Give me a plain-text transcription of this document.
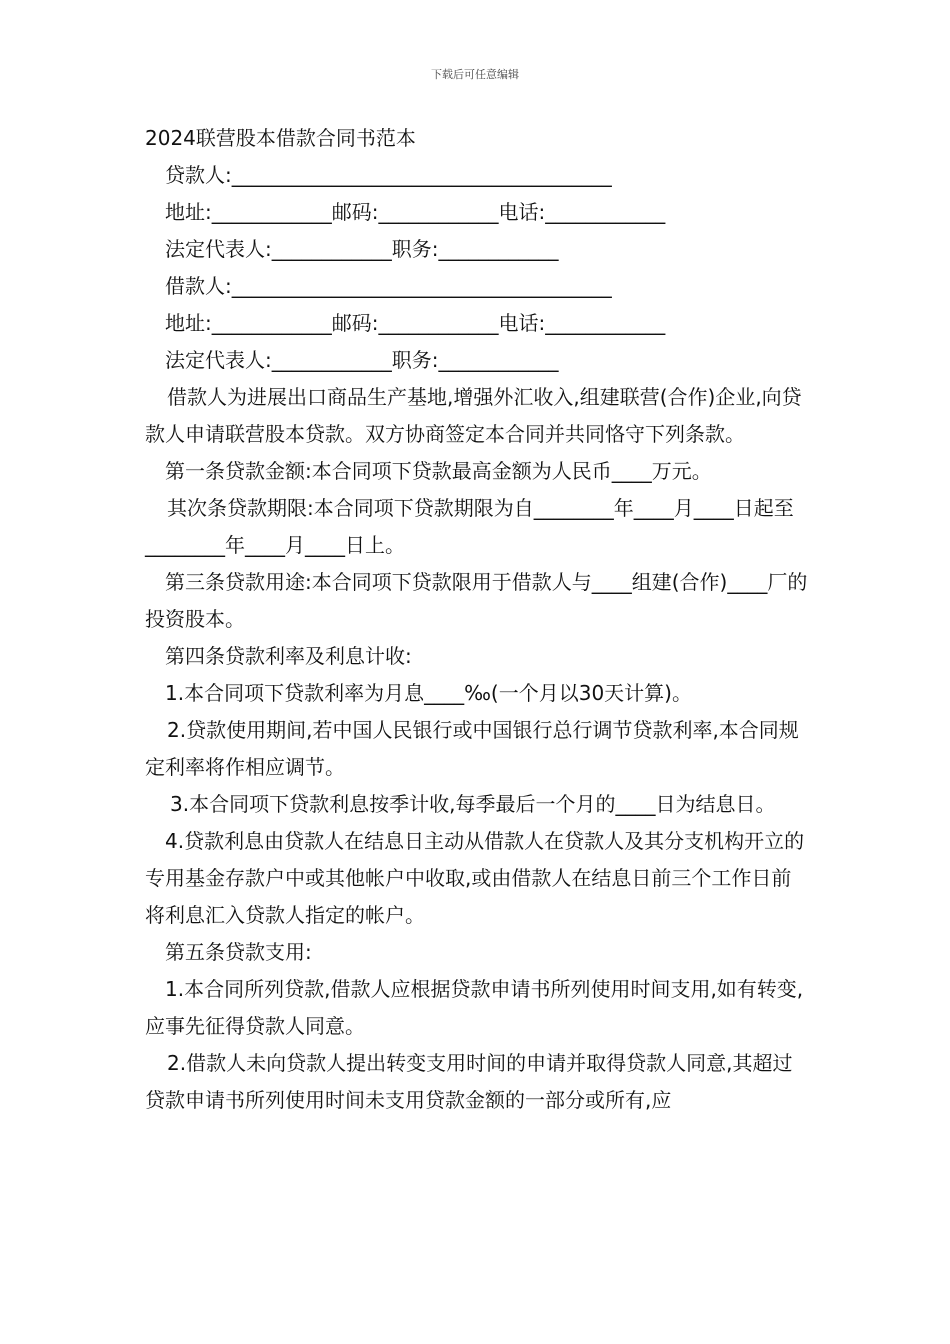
下载后可任意编辑
2024联营股本借款合同书范本
贷款人:______________________________________
地址:____________邮码:____________电话:____________
法定代表人:____________职务:____________
借款人:______________________________________
地址:____________邮码:____________电话:____________
法定代表人:____________职务:____________

借款人为进展出口商品生产基地,增强外汇收入,组建联营(合作)企业,向贷款人申请联营股本贷款。双方协商签定本合同并共同恪守下列条款。

第一条贷款金额:本合同项下贷款最高金额为人民币____万元。

其次条贷款期限:本合同项下贷款期限为自________年____月____日起至________年____月____日上。

第三条贷款用途:本合同项下贷款限用于借款人与____组建(合作)____厂的投资股本。

第四条贷款利率及利息计收:

1.本合同项下贷款利率为月息____‰(一个月以30天计算)。

2.贷款使用期间,若中国人民银行或中国银行总行调节贷款利率,本合同规定利率将作相应调节。

3.本合同项下贷款利息按季计收,每季最后一个月的____日为结息日。

4.贷款利息由贷款人在结息日主动从借款人在贷款人及其分支机构开立的专用基金存款户中或其他帐户中收取,或由借款人在结息日前三个工作日前将利息汇入贷款人指定的帐户。

第五条贷款支用:

1.本合同所列贷款,借款人应根据贷款申请书所列使用时间支用,如有转变,应事先征得贷款人同意。

2.借款人未向贷款人提出转变支用时间的申请并取得贷款人同意,其超过贷款申请书所列使用时间未支用贷款金额的一部分或所有,应
